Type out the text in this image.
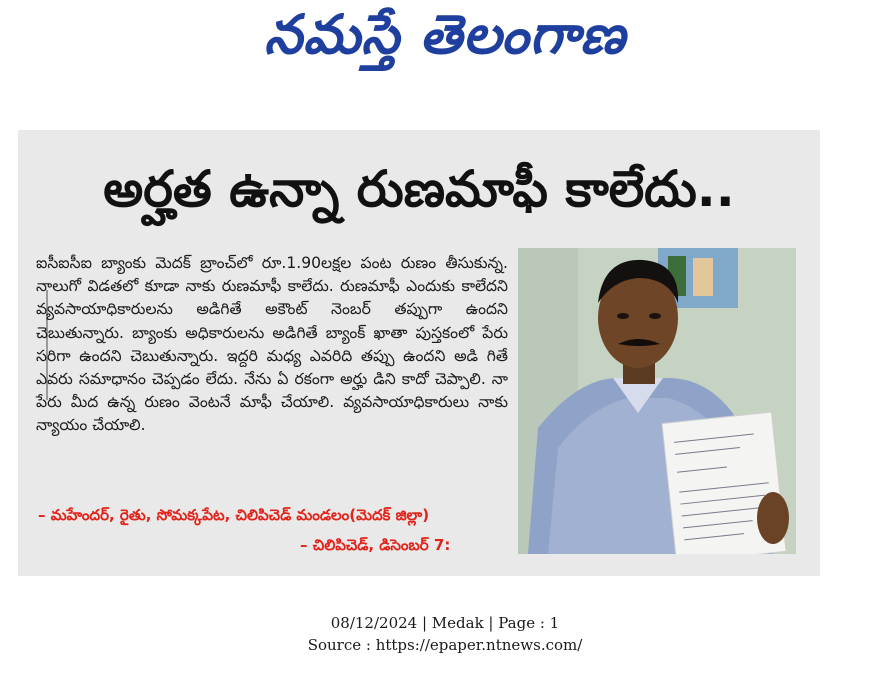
నమస్తే తెలంగాణ
అర్హత ఉన్నా రుణమాఫీ కాలేదు..
ఐసీఐసీఐ బ్యాంకు మెదక్ బ్రాంచ్‌లో రూ.1.90లక్షల పంట రుణం తీసుకున్న. నాలుగో విడతలో కూడా నాకు రుణమాఫీ కాలేదు. రుణమాఫీ ఎందుకు కాలేదని వ్యవసాయాధికారులను అడిగితే అకౌంట్ నెంబర్ తప్పుగా ఉందని చెబుతున్నారు. బ్యాంకు అధికారులను అడిగితే బ్యాంక్ ఖాతా పుస్తకంలో పేరు సరిగా ఉందని చెబుతున్నారు. ఇద్దరి మధ్య ఎవరిది తప్పు ఉందని అడి గితే ఎవరు సమాధానం చెప్పడం లేదు. నేను ఏ రకంగా అర్హు డిని కాదో చెప్పాలి. నా పేరు మీద ఉన్న రుణం వెంటనే మాఫీ చేయాలి. వ్యవసాయాధికారులు నాకు న్యాయం చేయాలి.
– మహేందర్, రైతు, సోమక్కపేట, చిలిపిచెడ్ మండలం(మెదక్ జిల్లా)
– చిలిపిచెడ్, డిసెంబర్ 7:
08/12/2024 | Medak | Page : 1
Source : https://epaper.ntnews.com/
